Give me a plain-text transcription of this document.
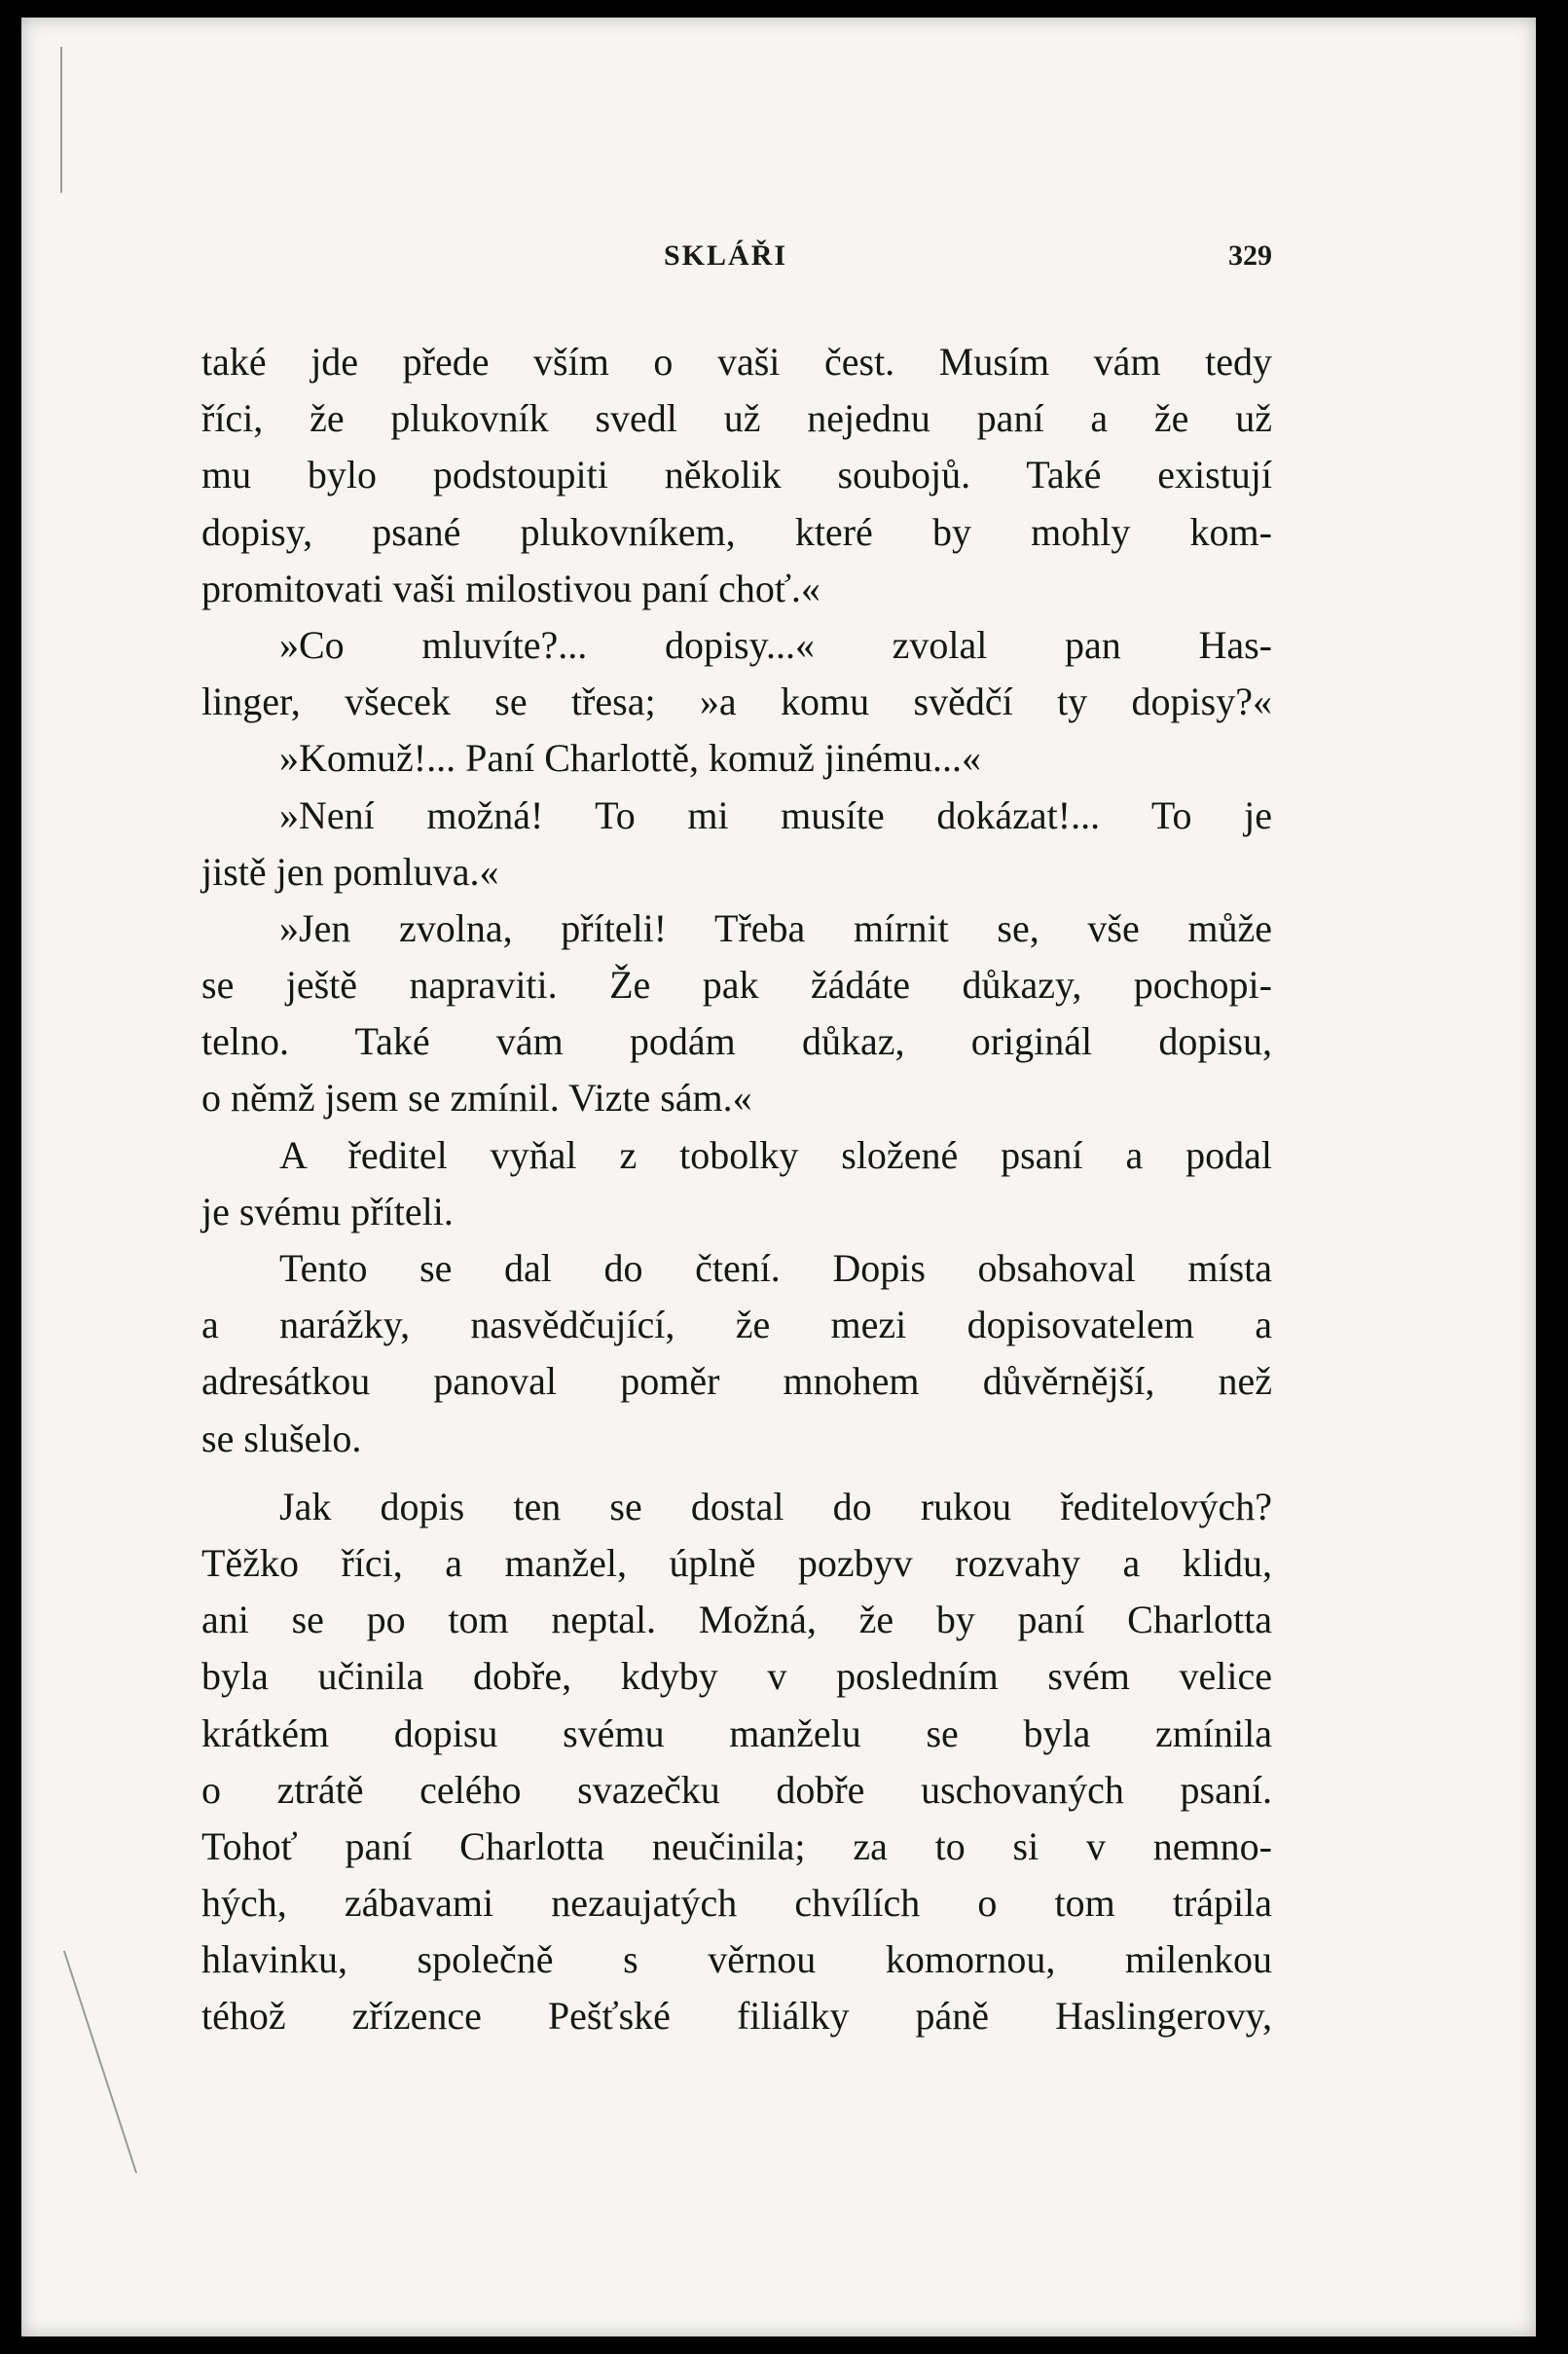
SKLÁŘI	329
také jde přede vším o vaši čest. Musím vám tedy
říci, že plukovník svedl už nejednu paní a že už
mu bylo podstoupiti několik soubojů. Také existují
dopisy, psané plukovníkem, které by mohly kom-
promitovati vaši milostivou paní choť.«
»Co mluvíte?... dopisy...« zvolal pan Has-
linger, všecek se třesa; »a komu svědčí ty dopisy?«
»Komuž!... Paní Charlottě, komuž jinému...«
»Není možná! To mi musíte dokázat!... To je
jistě jen pomluva.«
»Jen zvolna, příteli! Třeba mírnit se, vše může
se ještě napraviti. Že pak žádáte důkazy, pochopi-
telno. Také vám podám důkaz, originál dopisu,
o němž jsem se zmínil. Vizte sám.«
A ředitel vyňal z tobolky složené psaní a podal
je svému příteli.
Tento se dal do čtení. Dopis obsahoval místa
a narážky, nasvědčující, že mezi dopisovatelem a
adresátkou panoval poměr mnohem důvěrnější, než
se slušelo.
Jak dopis ten se dostal do rukou ředitelových?
Těžko říci, a manžel, úplně pozbyv rozvahy a klidu,
ani se po tom neptal. Možná, že by paní Charlotta
byla učinila dobře, kdyby v posledním svém velice
krátkém dopisu svému manželu se byla zmínila
o ztrátě celého svazečku dobře uschovaných psaní.
Tohoť paní Charlotta neučinila; za to si v nemno-
hých, zábavami nezaujatých chvílích o tom trápila
hlavinku, společně s věrnou komornou, milenkou
téhož zřízence Pešťské filiálky páně Haslingerovy,
